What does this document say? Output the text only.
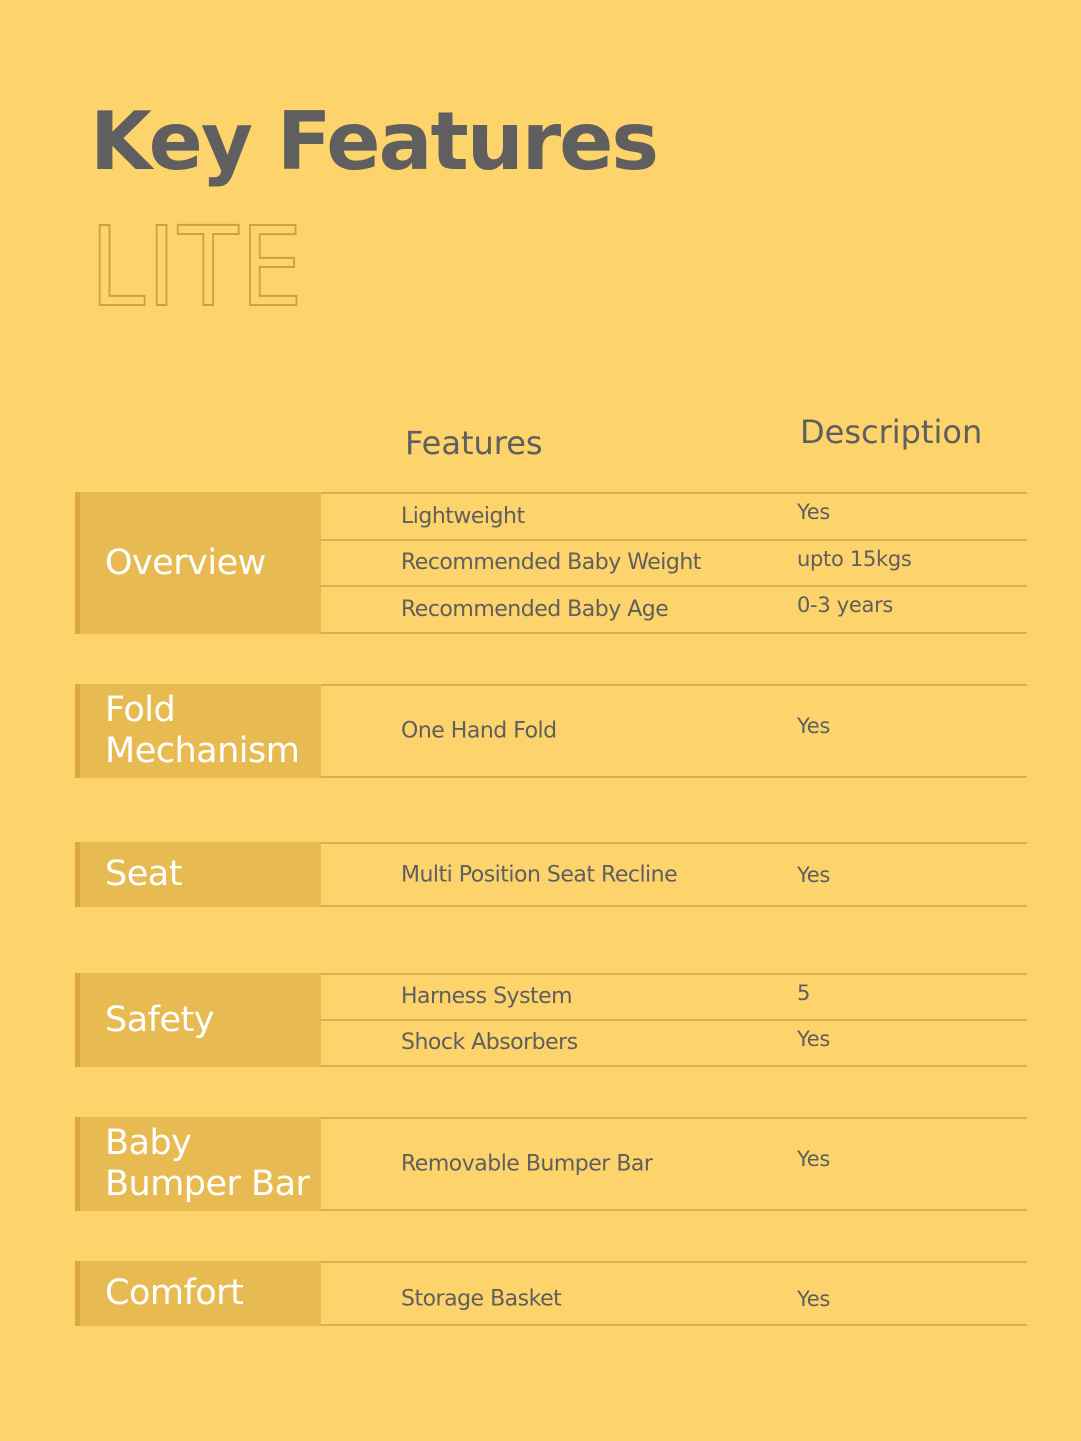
Key Features
LITE
Features	Description
Overview
Lightweight	Yes
Recommended Baby Weight	upto 15kgs
Recommended Baby Age	0-3 years
Fold
Mechanism	One Hand Fold	Yes
Seat	Multi Position Seat Recline	Yes
Safety
Harness System	5
Shock Absorbers	Yes
Baby
Bumper Bar	Removable Bumper Bar	Yes
Comfort	Storage Basket	Yes
